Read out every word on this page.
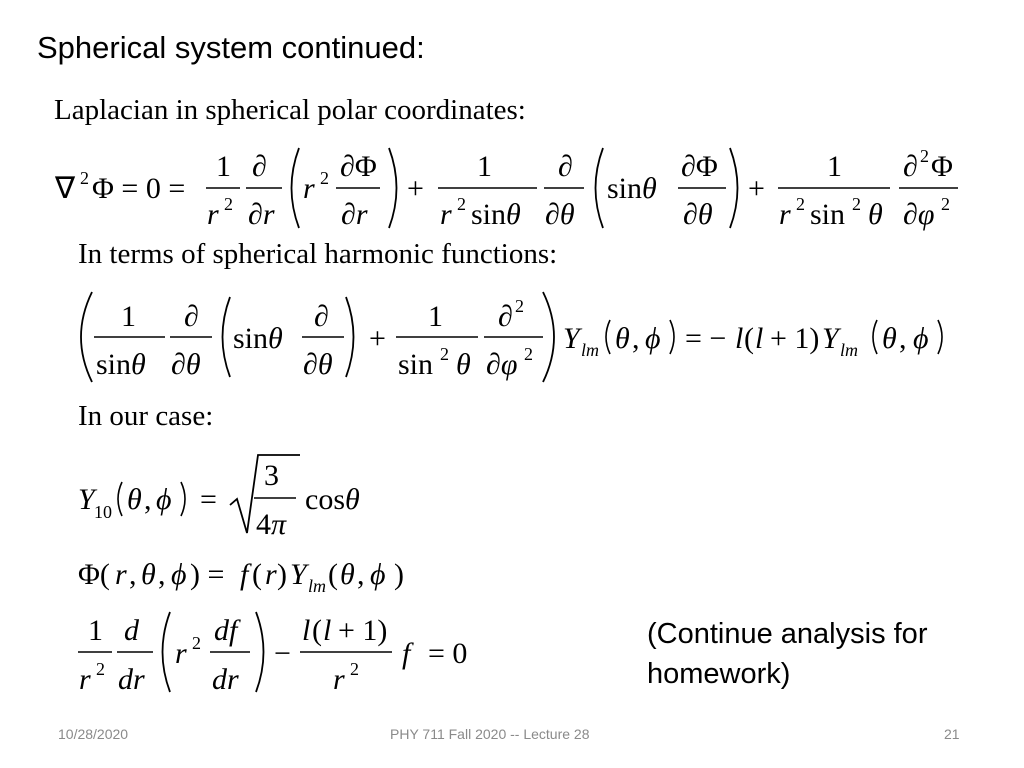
Spherical system continued:
Laplacian in spherical polar coordinates:
In terms of spherical harmonic functions:
In our case:
∇ 2 Φ = 0 =
1
r 2
∂
∂r
r 2 ∂Φ
∂r
+
1
r 2 sinθ
∂
∂θ
sinθ
∂Φ
∂θ
+
1
r 2 sin 2 θ
∂ 2 Φ
∂φ 2
1
sinθ
∂
∂θ
sinθ
∂
∂θ
+
1
sin 2 θ
∂ 2
∂φ 2 Y lm θ , ϕ = − l ( l + 1) Y lm θ , ϕ
Y 10 θ , ϕ =
3
4π
cosθ
Φ( r , θ , ϕ ) = f ( r ) Y lm ( θ , ϕ )
1
r 2
d
dr
r 2 df
dr
−
l ( l + 1)
r 2 f = 0
(Continue analysis for
homework)
10/28/2020	PHY 711 Fall 2020 -- Lecture 28	21
